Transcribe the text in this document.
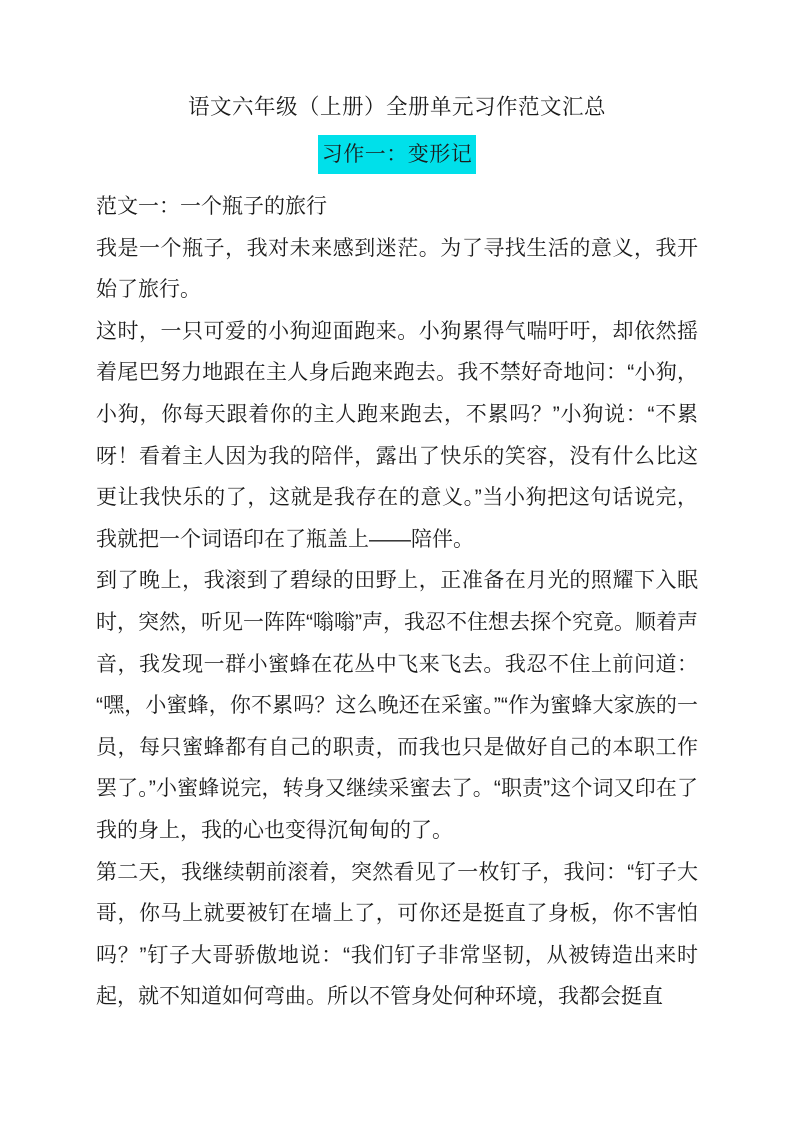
语文六年级（上册）全册单元习作范文汇总
习作一：变形记

范文一：一个瓶子的旅行

我是一个瓶子，我对未来感到迷茫。为了寻找生活的意义，我开始了旅行。

这时，一只可爱的小狗迎面跑来。小狗累得气喘吁吁，却依然摇着尾巴努力地跟在主人身后跑来跑去。我不禁好奇地问：“小狗，小狗，你每天跟着你的主人跑来跑去，不累吗？”小狗说：“不累呀！看着主人因为我的陪伴，露出了快乐的笑容，没有什么比这更让我快乐的了，这就是我存在的意义。”当小狗把这句话说完，我就把一个词语印在了瓶盖上——陪伴。

到了晚上，我滚到了碧绿的田野上，正准备在月光的照耀下入眠时，突然，听见一阵阵“嗡嗡”声，我忍不住想去探个究竟。顺着声音，我发现一群小蜜蜂在花丛中飞来飞去。我忍不住上前问道：“嘿，小蜜蜂，你不累吗？这么晚还在采蜜。”“作为蜜蜂大家族的一员，每只蜜蜂都有自己的职责，而我也只是做好自己的本职工作罢了。”小蜜蜂说完，转身又继续采蜜去了。“职责”这个词又印在了我的身上，我的心也变得沉甸甸的了。

第二天，我继续朝前滚着，突然看见了一枚钉子，我问：“钉子大哥，你马上就要被钉在墙上了，可你还是挺直了身板，你不害怕吗？”钉子大哥骄傲地说：“我们钉子非常坚韧，从被铸造出来时起，就不知道如何弯曲。所以不管身处何种环境，我都会挺直
